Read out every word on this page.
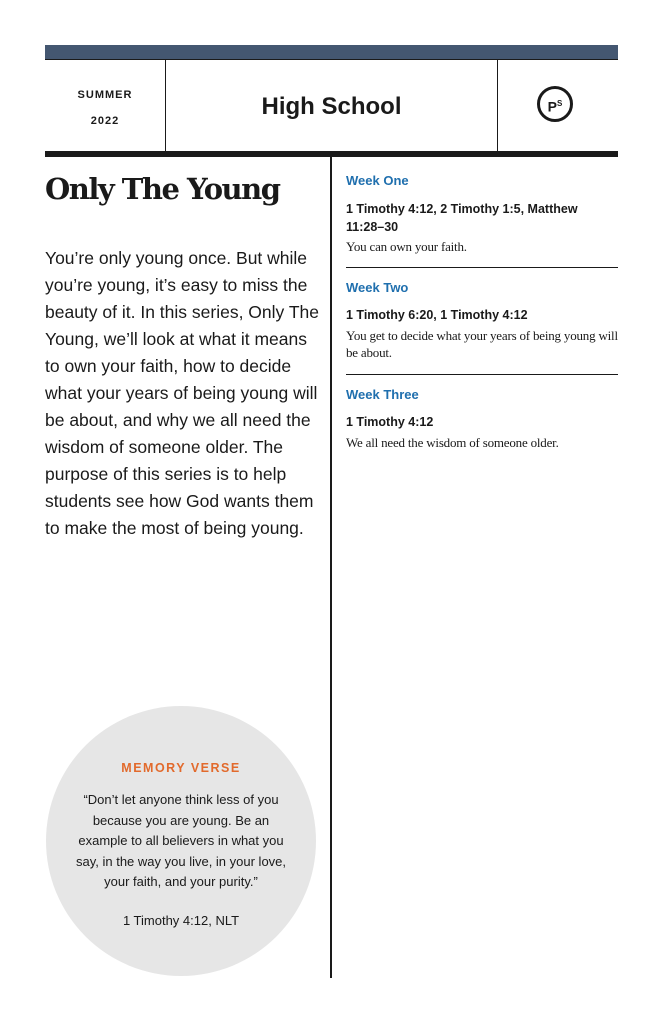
SUMMER
2022
High School	$P^S$
Only The Young

You’re only young once. But while you’re young, it’s easy to miss the beauty of it. In this series, Only The Young, we’ll look at what it means to own your faith, how to decide what your years of being young will be about, and why we all need the wisdom of someone older. The purpose of this series is to help students see how God wants them to make the most of being young.

Week One
1 Timothy 4:12, 2 Timothy 1:5, Matthew 11:28–30
You can own your faith.
Week Two
1 Timothy 6:20, 1 Timothy 4:12
You get to decide what your years of being young will be about.
Week Three
1 Timothy 4:12
We all need the wisdom of someone older.
MEMORY VERSE

“Don’t let anyone think less of you because you are young. Be an example to all believers in what you say, in the way you live, in your love, your faith, and your purity.”

1 Timothy 4:12, NLT
